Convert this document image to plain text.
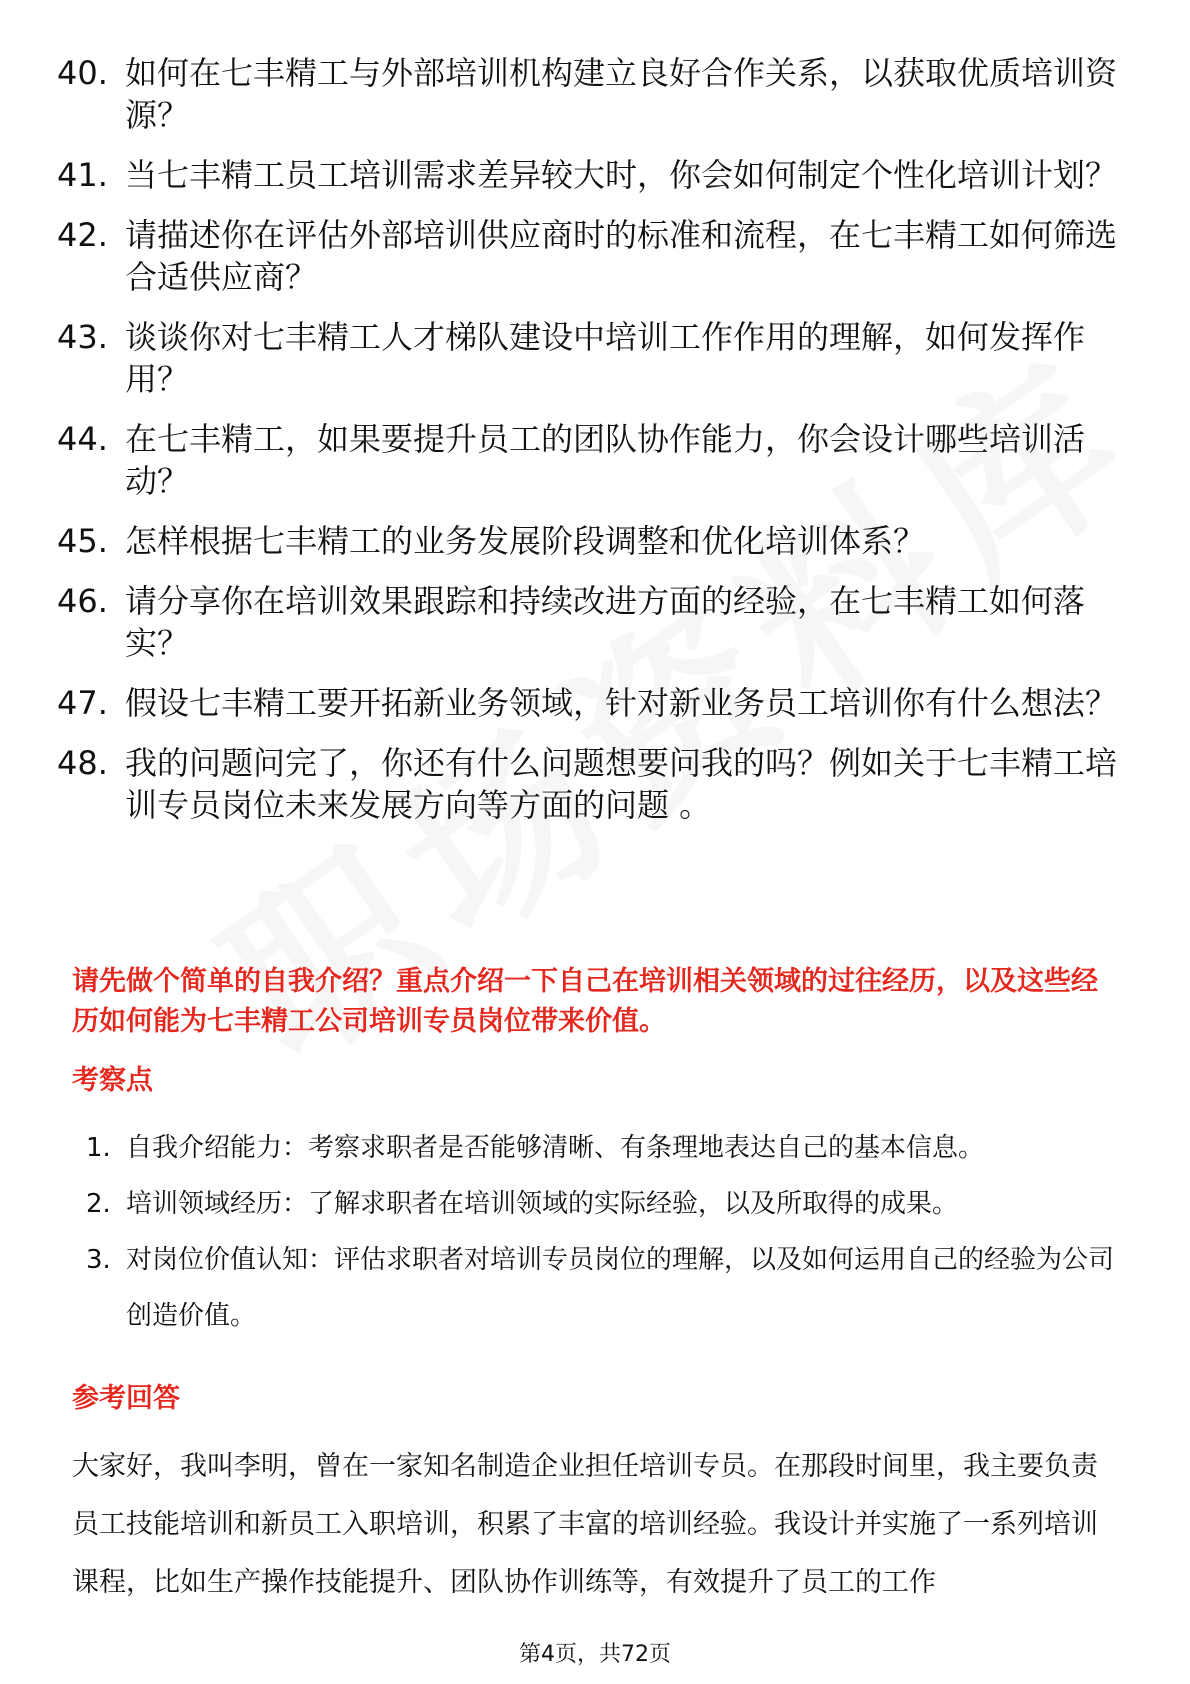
40. 如何在七丰精工与外部培训机构建立良好合作关系，以获取优质培训资源？
41. 当七丰精工员工培训需求差异较大时，你会如何制定个性化培训计划？
42. 请描述你在评估外部培训供应商时的标准和流程，在七丰精工如何筛选合适供应商？
43. 谈谈你对七丰精工人才梯队建设中培训工作作用的理解，如何发挥作用？
44. 在七丰精工，如果要提升员工的团队协作能力，你会设计哪些培训活动？
45. 怎样根据七丰精工的业务发展阶段调整和优化培训体系？
46. 请分享你在培训效果跟踪和持续改进方面的经验，在七丰精工如何落实？
47. 假设七丰精工要开拓新业务领域，针对新业务员工培训你有什么想法？
48. 我的问题问完了，你还有什么问题想要问我的吗？例如关于七丰精工培训专员岗位未来发展方向等方面的问题 。
请先做个简单的自我介绍？重点介绍一下自己在培训相关领域的过往经历，以及这些经历如何能为七丰精工公司培训专员岗位带来价值。
考察点
1. 自我介绍能力：考察求职者是否能够清晰、有条理地表达自己的基本信息。
2. 培训领域经历：了解求职者在培训领域的实际经验，以及所取得的成果。
3. 对岗位价值认知：评估求职者对培训专员岗位的理解，以及如何运用自己的经验为公司创造价值。
参考回答
大家好，我叫李明，曾在一家知名制造企业担任培训专员。在那段时间里，我主要负责员工技能培训和新员工入职培训，积累了丰富的培训经验。我设计并实施了一系列培训课程，比如生产操作技能提升、团队协作训练等，有效提升了员工的工作
第4页，共72页
